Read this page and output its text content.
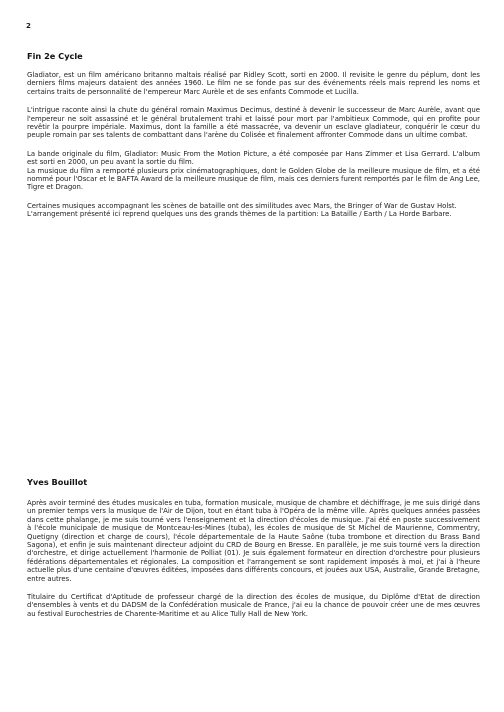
2
Fin 2e Cycle

Gladiator, est un film américano britanno maltais réalisé par Ridley Scott, sorti en 2000. Il revisite le genre du péplum, dont les derniers films majeurs dataient des années 1960. Le film ne se fonde pas sur des événements réels mais reprend les noms et certains traits de personnalité de l'empereur Marc Aurèle et de ses enfants Commode et Lucilla.

L'intrigue raconte ainsi la chute du général romain Maximus Decimus, destiné à devenir le successeur de Marc Aurèle, avant que l'empereur ne soit assassiné et le général brutalement trahi et laissé pour mort par l'ambitieux Commode, qui en profite pour revêtir la pourpre impériale. Maximus, dont la famille a été massacrée, va devenir un esclave gladiateur, conquérir le cœur du peuple romain par ses talents de combattant dans l'arène du Colisée et finalement affronter Commode dans un ultime combat.

La bande originale du film, Gladiator: Music From the Motion Picture, a été composée par Hans Zimmer et Lisa Gerrard. L'album est sorti en 2000, un peu avant la sortie du film.

La musique du film a remporté plusieurs prix cinématographiques, dont le Golden Globe de la meilleure musique de film, et a été nommé pour l'Oscar et le BAFTA Award de la meilleure musique de film, mais ces derniers furent remportés par le film de Ang Lee, Tigre et Dragon.

Certaines musiques accompagnant les scènes de bataille ont des similitudes avec Mars, the Bringer of War de Gustav Holst.

L'arrangement présenté ici reprend quelques uns des grands thèmes de la partition: La Bataille / Earth / La Horde Barbare.

Yves Bouillot

Après avoir terminé des études musicales en tuba, formation musicale, musique de chambre et déchiffrage, je me suis dirigé dans un premier temps vers la musique de l'Air de Dijon, tout en étant tuba à l'Opéra de la même ville. Après quelques années passées dans cette phalange, je me suis tourné vers l'enseignement et la direction d'écoles de musique. J'ai été en poste successivement à l'école municipale de musique de Montceau-les-Mines (tuba), les écoles de musique de St Michel de Maurienne, Commentry, Quetigny (direction et charge de cours), l'école départementale de la Haute Saône (tuba trombone et direction du Brass Band Sagona), et enfin je suis maintenant directeur adjoint du CRD de Bourg en Bresse. En parallèle, je me suis tourné vers la direction d'orchestre, et dirige actuellement l'harmonie de Polliat (01). Je suis également formateur en direction d'orchestre pour plusieurs fédérations départementales et régionales. La composition et l'arrangement se sont rapidement imposés à moi, et j'ai à l'heure actuelle plus d'une centaine d'œuvres éditées, imposées dans différents concours, et jouées aux USA, Australie, Grande Bretagne, entre autres.

Titulaire du Certificat d'Aptitude de professeur chargé de la direction des écoles de musique, du Diplôme d'Etat de direction d'ensembles à vents et du DADSM de la Confédération musicale de France, j'ai eu la chance de pouvoir créer une de mes œuvres au festival Eurochestries de Charente-Maritime et au Alice Tully Hall de New York.
